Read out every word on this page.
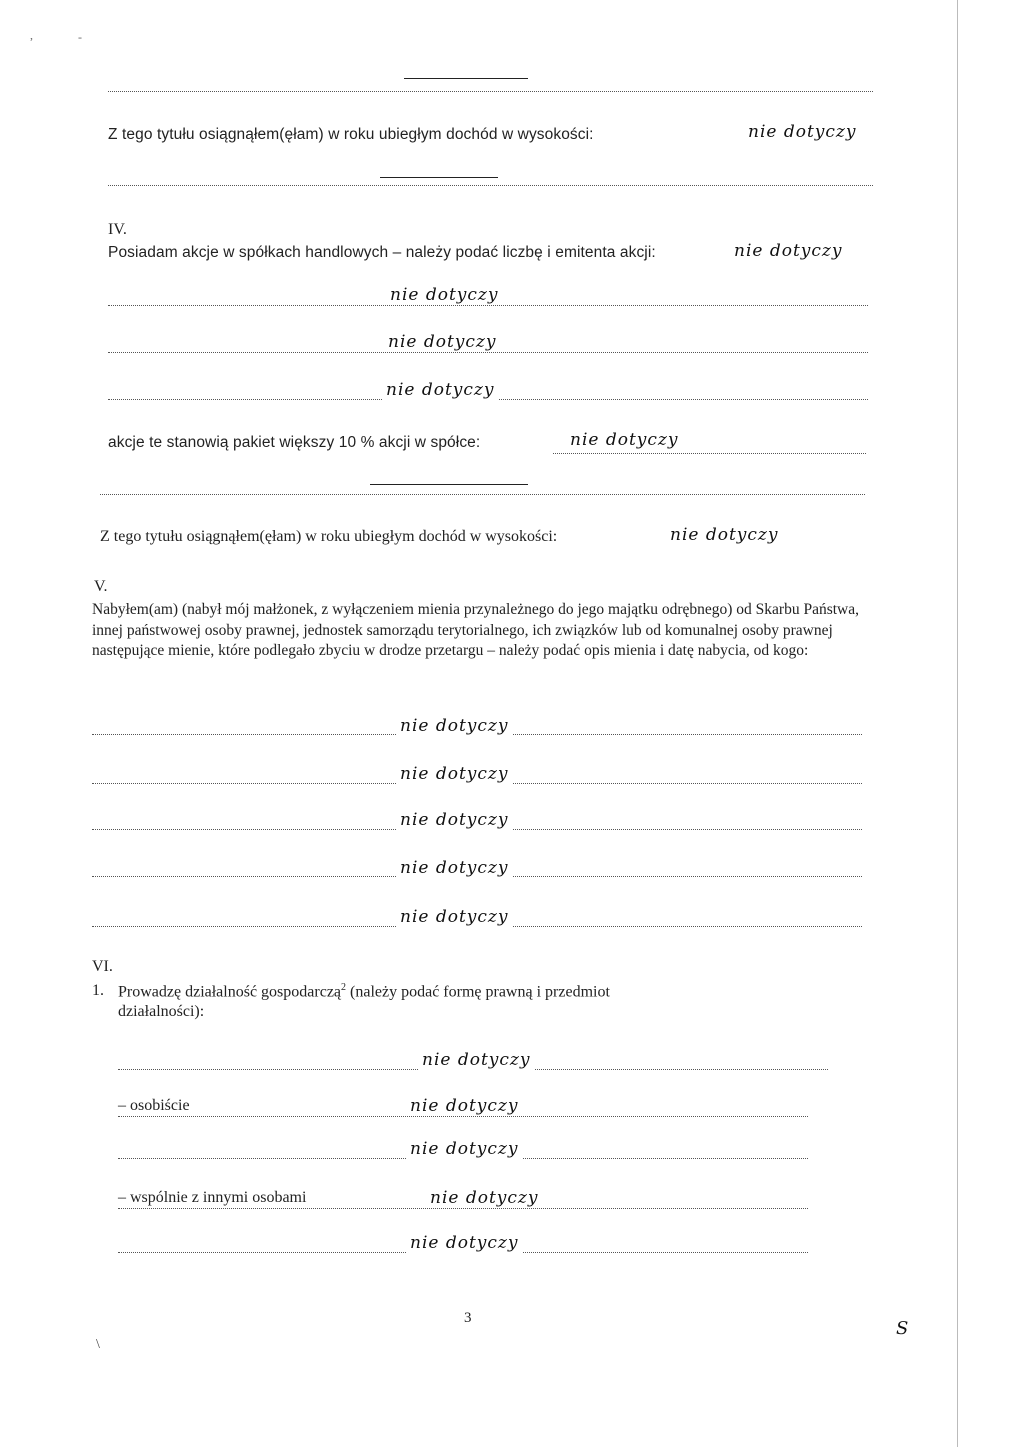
,	-
Z tego tytułu osiągnąłem(ęłam) w roku ubiegłym dochód w wysokości:	nie dotyczy
IV.
Posiadam akcje w spółkach handlowych – należy podać liczbę i emitenta akcji:	nie dotyczy
nie dotyczy
nie dotyczy
nie dotyczy
akcje te stanowią pakiet większy 10 % akcji w spółce:	nie dotyczy
Z tego tytułu osiągnąłem(ęłam) w roku ubiegłym dochód w wysokości:	nie dotyczy
V.
Nabyłem(am) (nabył mój małżonek, z wyłączeniem mienia przynależnego do jego majątku odrębnego) od Skarbu Państwa, innej państwowej osoby prawnej, jednostek samorządu terytorialnego, ich związków lub od komunalnej osoby prawnej następujące mienie, które podlegało zbyciu w drodze przetargu – należy podać opis mienia i datę nabycia, od kogo:
nie dotyczy
nie dotyczy
nie dotyczy
nie dotyczy
nie dotyczy
VI.
1. Prowadzę działalność gospodarczą$^2$ (należy podać formę prawną i przedmiot
działalności):
nie dotyczy
– osobiście	nie dotyczy
nie dotyczy
– wspólnie z innymi osobami	nie dotyczy
nie dotyczy
3
\
S
